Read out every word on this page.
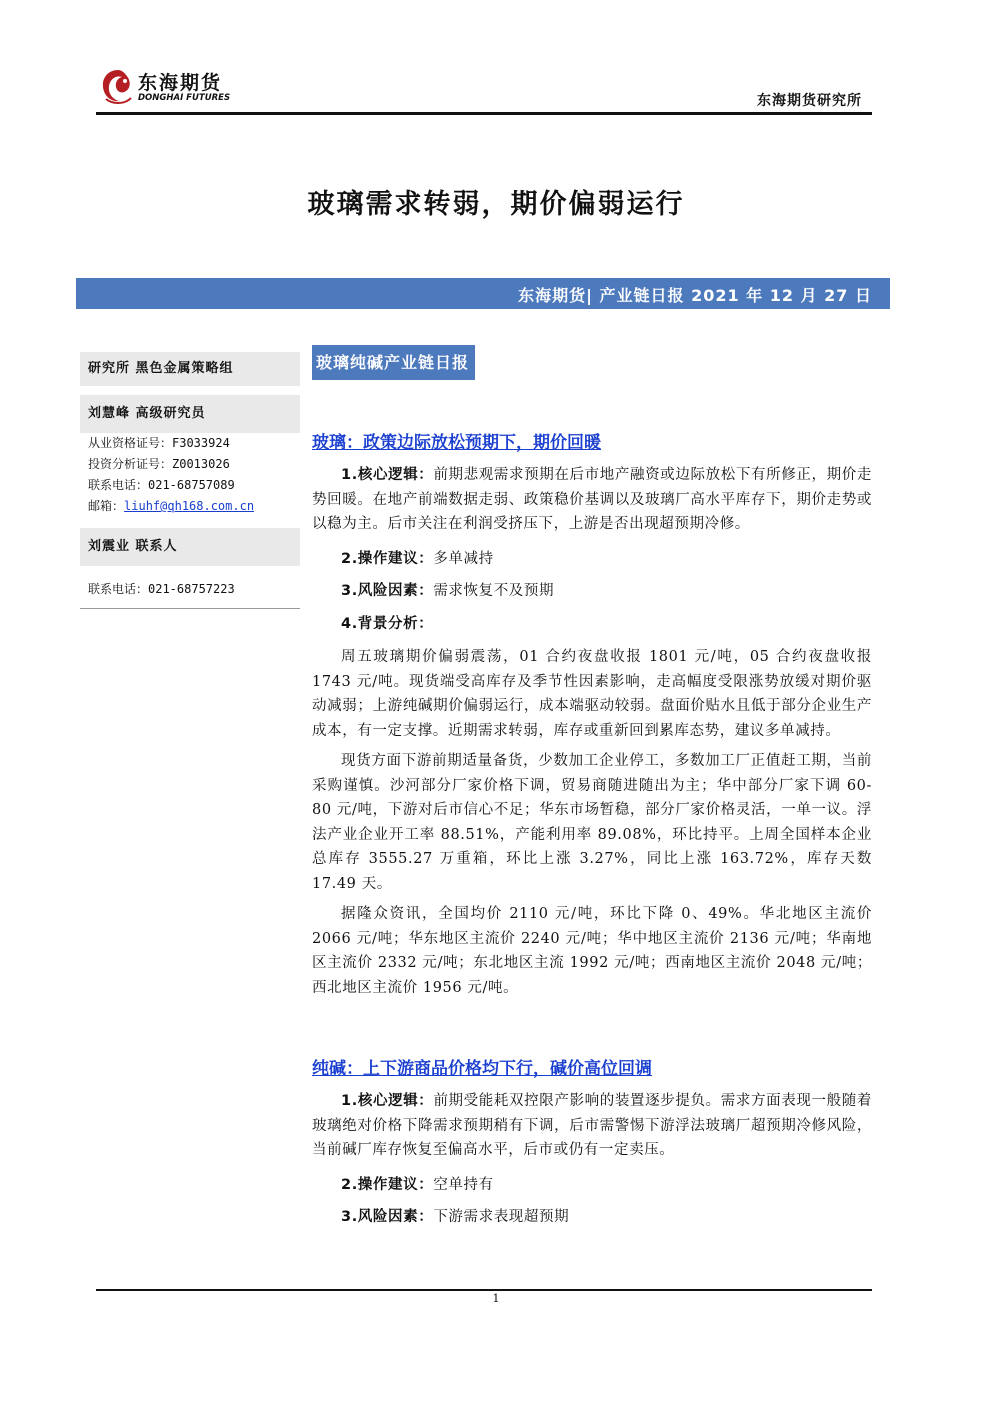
东海期货
DONGHAI FUTURES	东海期货研究所
玻璃需求转弱，期价偏弱运行
东海期货| 产业链日报 2021 年 12 月 27 日
研究所 黑色金属策略组
刘慧峰 高级研究员
从业资格证号：F3033924
投资分析证号：Z0013026
联系电话：021-68757089
邮箱：liuhf@qh168.com.cn
刘震业 联系人
联系电话：021-68757223
玻璃纯碱产业链日报
玻璃：政策边际放松预期下，期价回暖

1.核心逻辑：前期悲观需求预期在后市地产融资或边际放松下有所修正，期价走势回暖。在地产前端数据走弱、政策稳价基调以及玻璃厂高水平库存下，期价走势或以稳为主。后市关注在利润受挤压下，上游是否出现超预期冷修。

2.操作建议：多单减持

3.风险因素：需求恢复不及预期

4.背景分析：

周五玻璃期价偏弱震荡，01 合约夜盘收报 1801 元/吨，05 合约夜盘收报 1743 元/吨。现货端受高库存及季节性因素影响，走高幅度受限涨势放缓对期价驱动减弱；上游纯碱期价偏弱运行，成本端驱动较弱。盘面价贴水且低于部分企业生产成本，有一定支撑。近期需求转弱，库存或重新回到累库态势，建议多单减持。

现货方面下游前期适量备货，少数加工企业停工，多数加工厂正值赶工期，当前采购谨慎。沙河部分厂家价格下调，贸易商随进随出为主；华中部分厂家下调 60-80 元/吨，下游对后市信心不足；华东市场暂稳，部分厂家价格灵活，一单一议。浮法产业企业开工率 88.51%，产能利用率 89.08%，环比持平。上周全国样本企业总库存 3555.27 万重箱，环比上涨 3.27%，同比上涨 163.72%，库存天数 17.49 天。

据隆众资讯，全国均价 2110 元/吨，环比下降 0、49%。华北地区主流价 2066 元/吨；华东地区主流价 2240 元/吨；华中地区主流价 2136 元/吨；华南地区主流价 2332 元/吨；东北地区主流 1992 元/吨；西南地区主流价 2048 元/吨；西北地区主流价 1956 元/吨。

纯碱：上下游商品价格均下行，碱价高位回调

1.核心逻辑：前期受能耗双控限产影响的装置逐步提负。需求方面表现一般随着玻璃绝对价格下降需求预期稍有下调，后市需警惕下游浮法玻璃厂超预期冷修风险，当前碱厂库存恢复至偏高水平，后市或仍有一定卖压。

2.操作建议：空单持有

3.风险因素：下游需求表现超预期

1
